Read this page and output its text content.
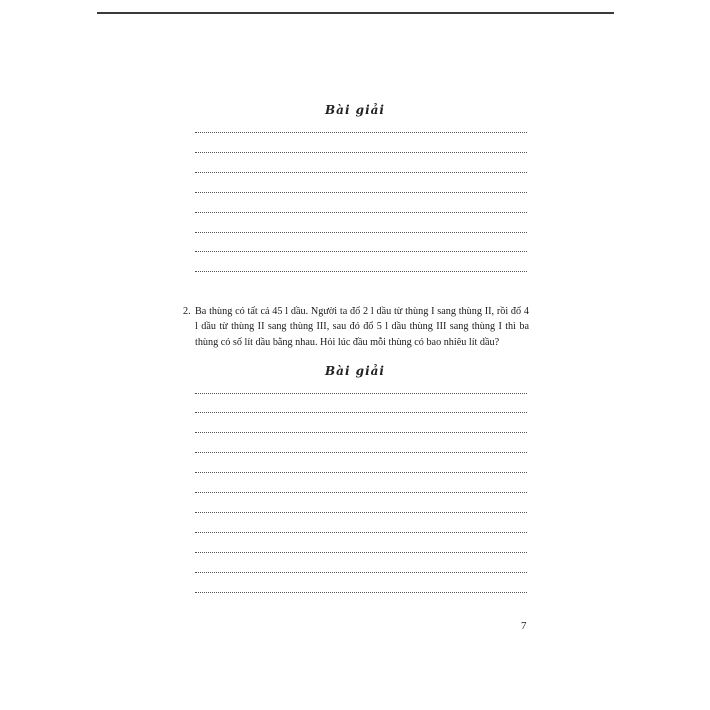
Bài giải
2. Ba thùng có tất cả 45 l dầu. Người ta đổ 2 l dầu từ thùng I sang thùng II, rồi đổ 4 l dầu từ thùng II sang thùng III, sau đó đổ 5 l dầu thùng III sang thùng I thì ba thùng có số lít dầu bằng nhau. Hỏi lúc đầu mỗi thùng có bao nhiêu lít dầu?
Bài giải
7
